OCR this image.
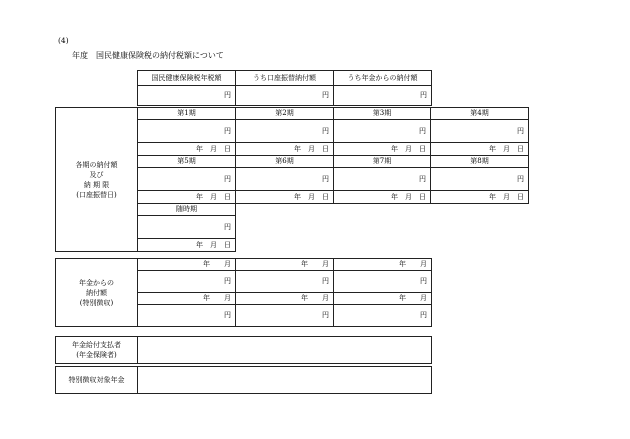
(4)
年度　国民健康保険税の納付税額について
国民健康保険税年税額	うち口座振替納付額	うち年金からの納付額
円	円	円
各期の納付額
及び
納 期 限
(口座振替日)	第1期	第2期	第3期	第4期
	円	円	円	円
	年　月　日	年　月　日	年　月　日	年　月　日
	第5期	第6期	第7期	第8期
	円	円	円	円
	年　月　日	年　月　日	年　月　日	年　月　日
	随時期			
	円			
	年　月　日			
年金からの
納付額
(特別徴収)	年　　月	年　　月	年　　月
	円	円	円
	年　　月	年　　月	年　　月
	円	円	円
年金給付支払者
(年金保険者)	
特別徴収対象年金	
